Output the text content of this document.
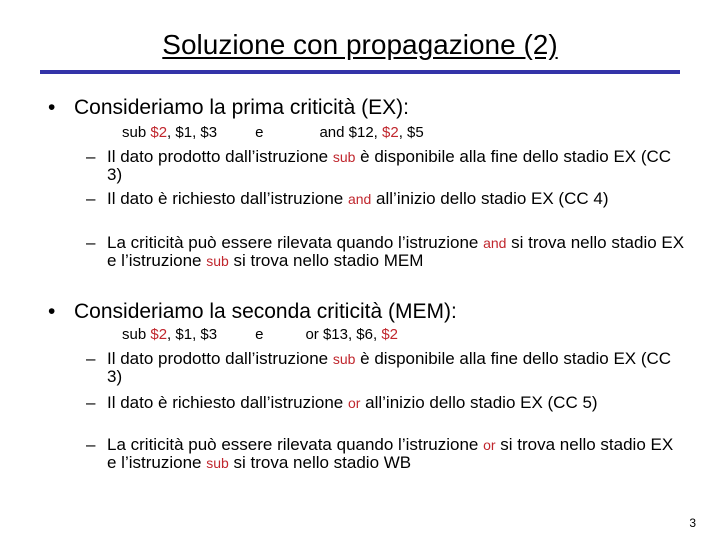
Soluzione con propagazione (2)
• Consideriamo la prima criticità (EX):
sub $2, $1, $3	e	and $12, $2, $5
– Il dato prodotto dall’istruzione sub è disponibile alla fine dello stadio EX (CC 3)
– Il dato è richiesto dall’istruzione and all’inizio dello stadio EX (CC 4)
– La criticità può essere rilevata quando l’istruzione and si trova nello stadio EX e l’istruzione sub si trova nello stadio MEM
• Consideriamo la seconda criticità (MEM):
sub $2, $1, $3	e	or $13, $6, $2
– Il dato prodotto dall’istruzione sub è disponibile alla fine dello stadio EX (CC 3)
– Il dato è richiesto dall’istruzione or all’inizio dello stadio EX (CC 5)
– La criticità può essere rilevata quando l’istruzione or si trova nello stadio EX e l’istruzione sub si trova nello stadio WB
3
